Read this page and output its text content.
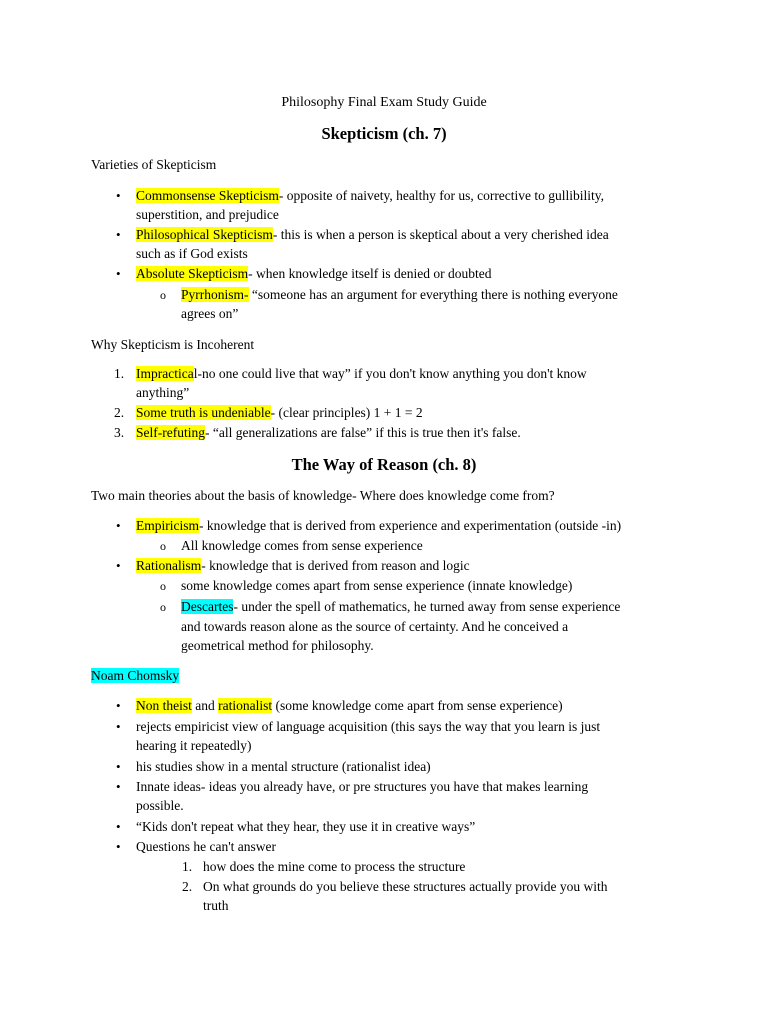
Philosophy Final Exam Study Guide
Skepticism (ch. 7)
Varieties of Skepticism
• Commonsense Skepticism- opposite of naivety, healthy for us, corrective to gullibility,
superstition, and prejudice
• Philosophical Skepticism- this is when a person is skeptical about a very cherished idea
such as if God exists
• Absolute Skepticism- when knowledge itself is denied or doubted
o Pyrrhonism- “someone has an argument for everything there is nothing everyone
agrees on”
Why Skepticism is Incoherent
1. Impractical-no one could live that way” if you don't know anything you don't know
anything”
2. Some truth is undeniable- (clear principles) 1 + 1 = 2
3. Self-refuting- “all generalizations are false” if this is true then it's false.
The Way of Reason (ch. 8)
Two main theories about the basis of knowledge- Where does knowledge come from?
• Empiricism- knowledge that is derived from experience and experimentation (outside -in)
o All knowledge comes from sense experience
• Rationalism- knowledge that is derived from reason and logic
o some knowledge comes apart from sense experience (innate knowledge)
o Descartes- under the spell of mathematics, he turned away from sense experience
and towards reason alone as the source of certainty. And he conceived a
geometrical method for philosophy.
Noam Chomsky
• Non theist and rationalist (some knowledge come apart from sense experience)
• rejects empiricist view of language acquisition (this says the way that you learn is just
hearing it repeatedly)
• his studies show in a mental structure (rationalist idea)
• Innate ideas- ideas you already have, or pre structures you have that makes learning
possible.
• “Kids don't repeat what they hear, they use it in creative ways”
• Questions he can't answer
1. how does the mine come to process the structure
2. On what grounds do you believe these structures actually provide you with
truth
